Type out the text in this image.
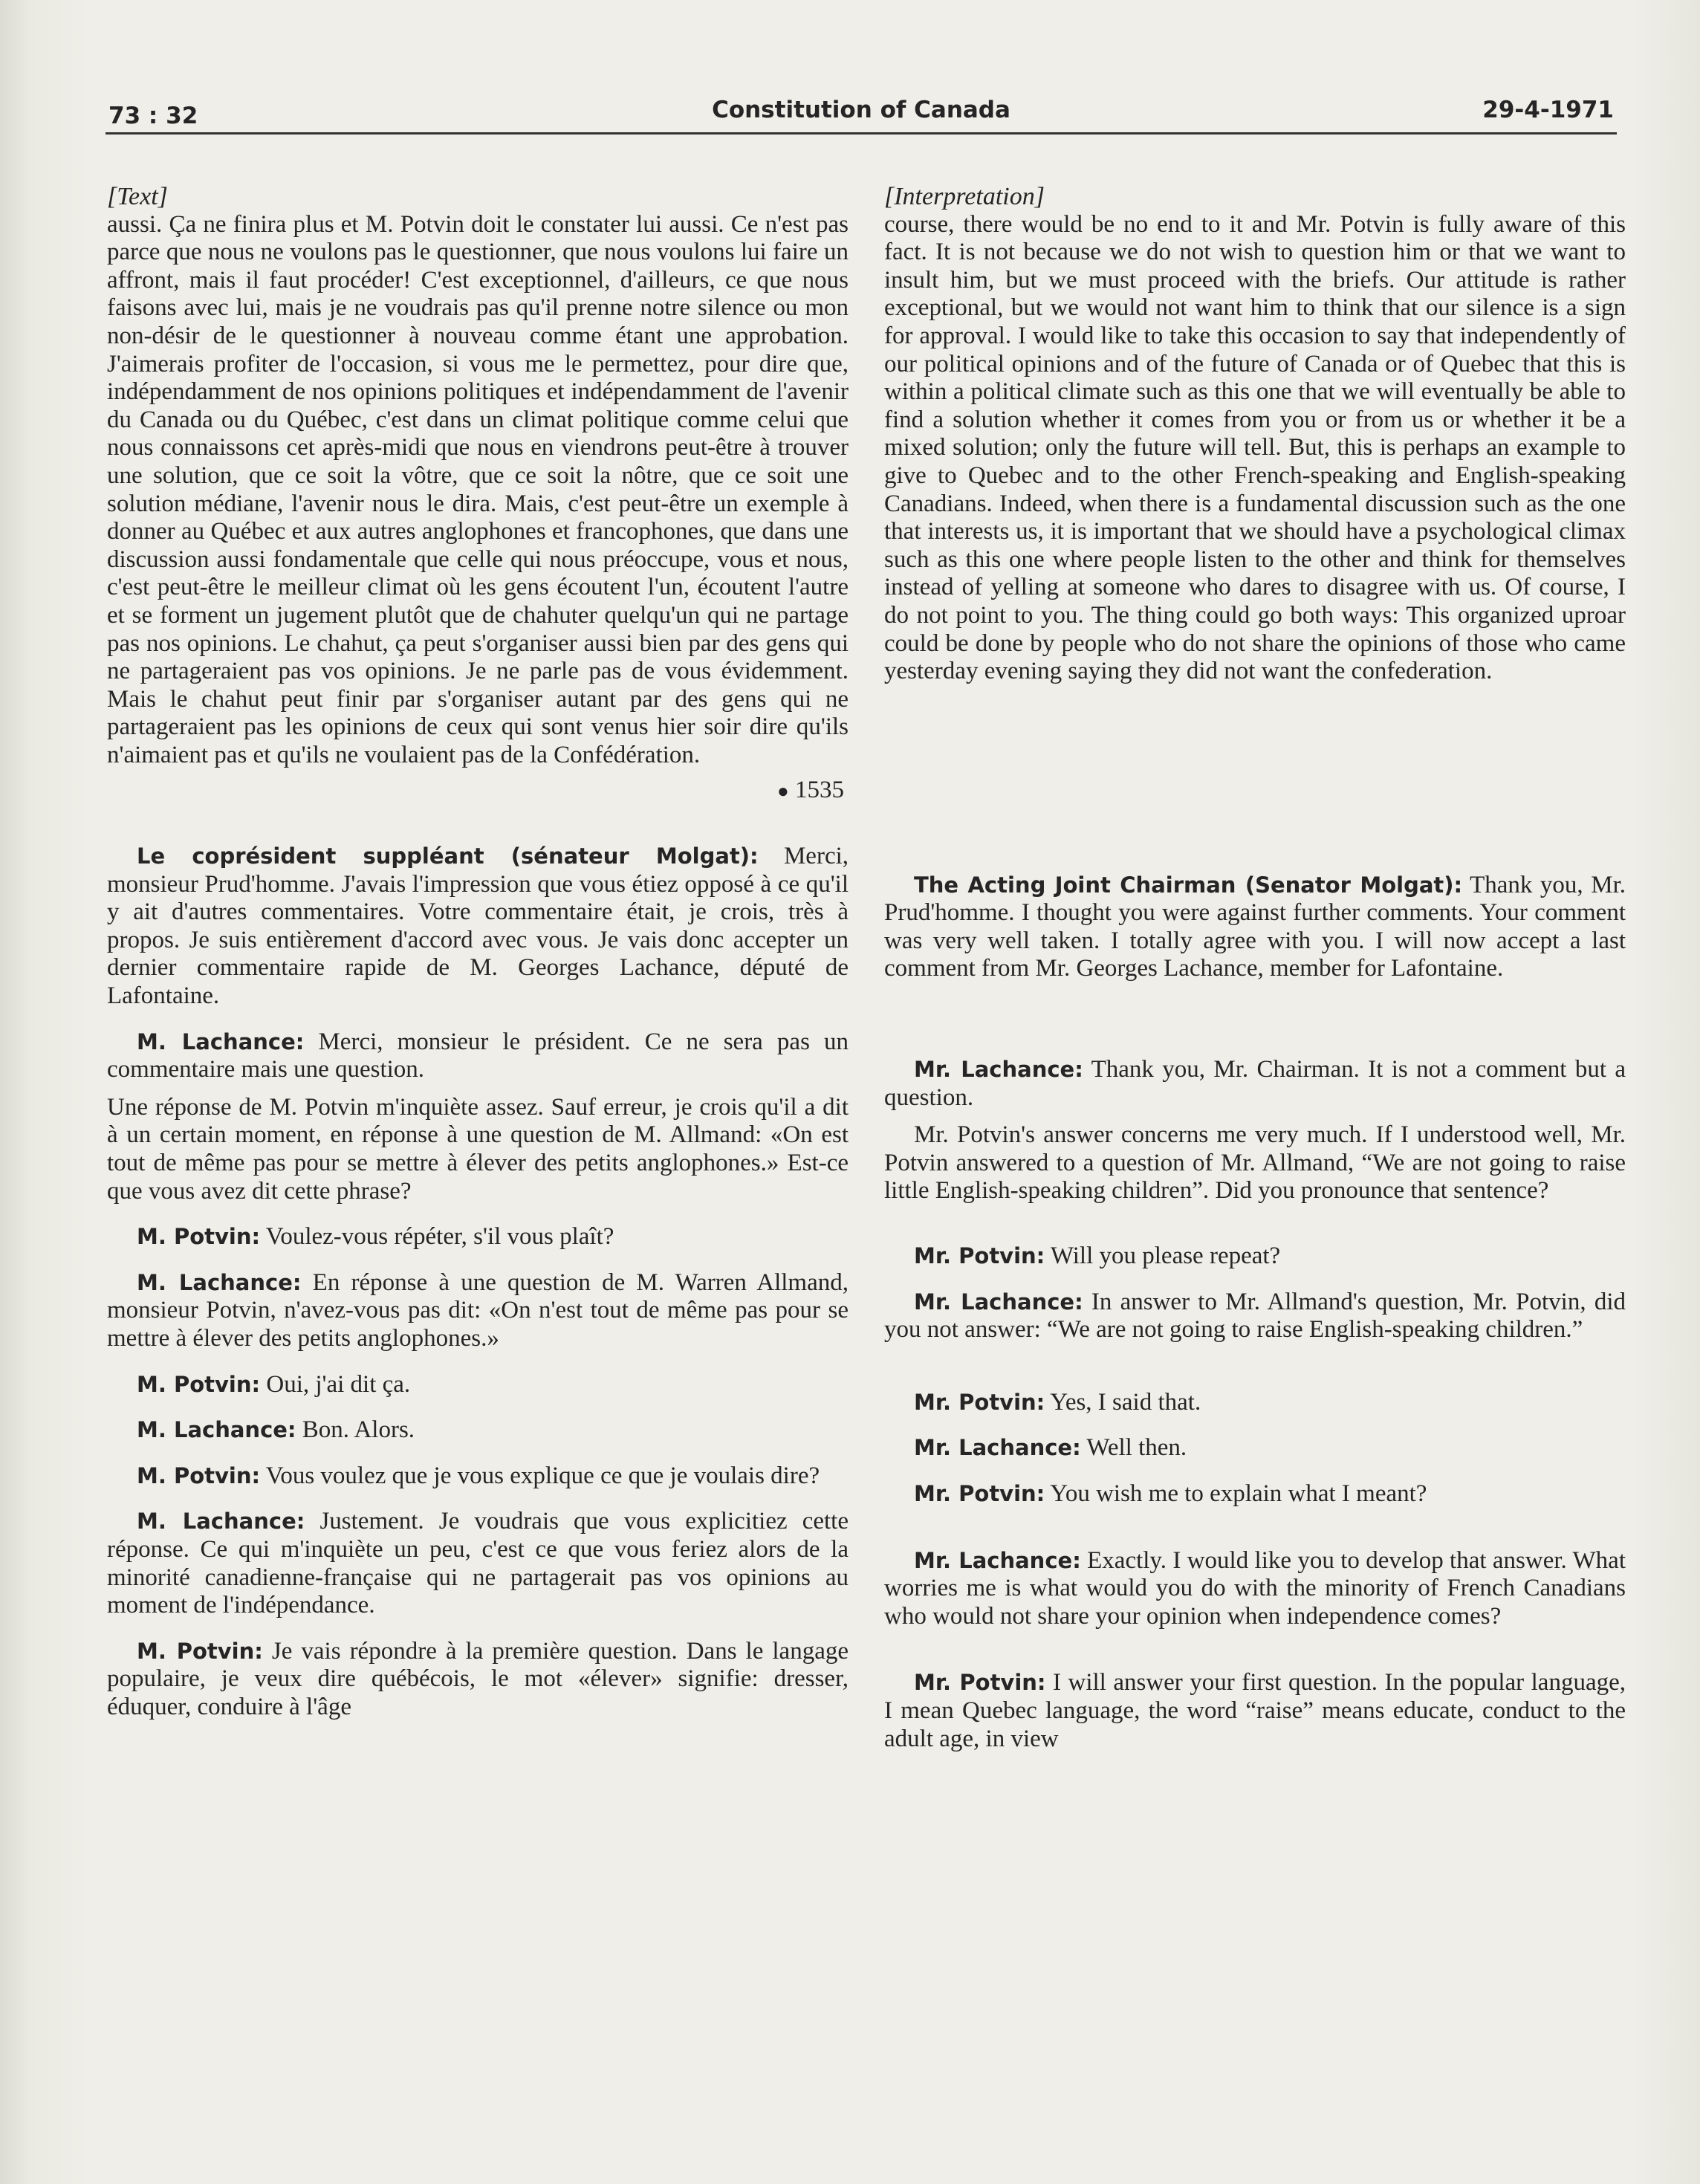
73 : 32	Constitution of Canada	29-4-1971
[Text]

aussi. Ça ne finira plus et M. Potvin doit le constater lui aussi. Ce n'est pas parce que nous ne voulons pas le questionner, que nous voulons lui faire un affront, mais il faut procéder! C'est exceptionnel, d'ailleurs, ce que nous faisons avec lui, mais je ne voudrais pas qu'il prenne notre silence ou mon non-désir de le questionner à nouveau comme étant une approbation. J'aimerais profiter de l'occasion, si vous me le permettez, pour dire que, indépendamment de nos opinions politiques et indépendamment de l'avenir du Canada ou du Québec, c'est dans un climat politique comme celui que nous connaissons cet après-midi que nous en viendrons peut-être à trouver une solution, que ce soit la vôtre, que ce soit la nôtre, que ce soit une solution médiane, l'avenir nous le dira. Mais, c'est peut-être un exemple à donner au Québec et aux autres anglophones et francophones, que dans une discussion aussi fondamentale que celle qui nous préoccupe, vous et nous, c'est peut-être le meilleur climat où les gens écoutent l'un, écoutent l'autre et se forment un jugement plutôt que de chahuter quelqu'un qui ne partage pas nos opinions. Le chahut, ça peut s'organiser aussi bien par des gens qui ne partageraient pas vos opinions. Je ne parle pas de vous évidemment. Mais le chahut peut finir par s'organiser autant par des gens qui ne partageraient pas les opinions de ceux qui sont venus hier soir dire qu'ils n'aimaient pas et qu'ils ne voulaient pas de la Confédération.

● 1535

Le coprésident suppléant (sénateur Molgat): Merci, monsieur Prud'homme. J'avais l'impression que vous étiez opposé à ce qu'il y ait d'autres commentaires. Votre commentaire était, je crois, très à propos. Je suis entièrement d'accord avec vous. Je vais donc accepter un dernier commentaire rapide de M. Georges Lachance, député de Lafontaine.

M. Lachance: Merci, monsieur le président. Ce ne sera pas un commentaire mais une question.

Une réponse de M. Potvin m'inquiète assez. Sauf erreur, je crois qu'il a dit à un certain moment, en réponse à une question de M. Allmand: «On est tout de même pas pour se mettre à élever des petits anglophones.» Est-ce que vous avez dit cette phrase?

M. Potvin: Voulez-vous répéter, s'il vous plaît?

M. Lachance: En réponse à une question de M. Warren Allmand, monsieur Potvin, n'avez-vous pas dit: «On n'est tout de même pas pour se mettre à élever des petits anglophones.»

M. Potvin: Oui, j'ai dit ça.

M. Lachance: Bon. Alors.

M. Potvin: Vous voulez que je vous explique ce que je voulais dire?

M. Lachance: Justement. Je voudrais que vous explicitiez cette réponse. Ce qui m'inquiète un peu, c'est ce que vous feriez alors de la minorité canadienne-française qui ne partagerait pas vos opinions au moment de l'indépendance.

M. Potvin: Je vais répondre à la première question. Dans le langage populaire, je veux dire québécois, le mot «élever» signifie: dresser, éduquer, conduire à l'âge

[Interpretation]

course, there would be no end to it and Mr. Potvin is fully aware of this fact. It is not because we do not wish to question him or that we want to insult him, but we must proceed with the briefs. Our attitude is rather exceptional, but we would not want him to think that our silence is a sign for approval. I would like to take this occasion to say that independently of our political opinions and of the future of Canada or of Quebec that this is within a political climate such as this one that we will eventually be able to find a solution whether it comes from you or from us or whether it be a mixed solution; only the future will tell. But, this is perhaps an example to give to Quebec and to the other French-speaking and English-speaking Canadians. Indeed, when there is a fundamental discussion such as the one that interests us, it is important that we should have a psychological climax such as this one where people listen to the other and think for themselves instead of yelling at someone who dares to disagree with us. Of course, I do not point to you. The thing could go both ways: This organized uproar could be done by people who do not share the opinions of those who came yesterday evening saying they did not want the confederation.

The Acting Joint Chairman (Senator Molgat): Thank you, Mr. Prud'homme. I thought you were against further comments. Your comment was very well taken. I totally agree with you. I will now accept a last comment from Mr. Georges Lachance, member for Lafontaine.

Mr. Lachance: Thank you, Mr. Chairman. It is not a comment but a question.

Mr. Potvin's answer concerns me very much. If I understood well, Mr. Potvin answered to a question of Mr. Allmand, “We are not going to raise little English-speaking children”. Did you pronounce that sentence?

Mr. Potvin: Will you please repeat?

Mr. Lachance: In answer to Mr. Allmand's question, Mr. Potvin, did you not answer: “We are not going to raise English-speaking children.”

Mr. Potvin: Yes, I said that.

Mr. Lachance: Well then.

Mr. Potvin: You wish me to explain what I meant?

Mr. Lachance: Exactly. I would like you to develop that answer. What worries me is what would you do with the minority of French Canadians who would not share your opinion when independence comes?

Mr. Potvin: I will answer your first question. In the popular language, I mean Quebec language, the word “raise” means educate, conduct to the adult age, in view
